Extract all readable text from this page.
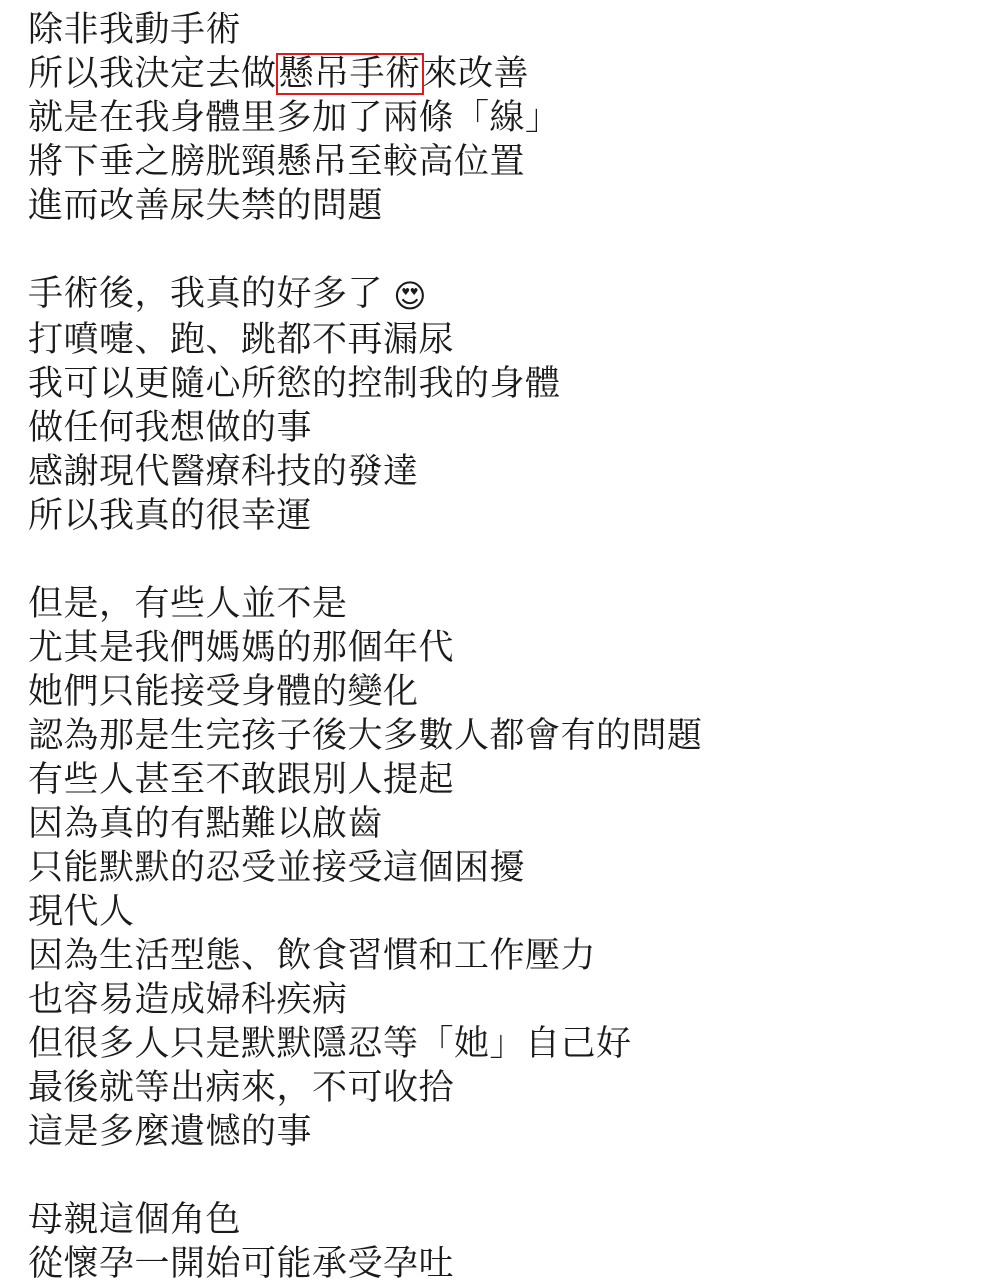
除非我動手術
所以我決定去做懸吊手術來改善
就是在我身體里多加了兩條「線」
將下垂之膀胱頸懸吊至較高位置
進而改善尿失禁的問題
手術後，我真的好多了 😍
打噴嚏、跑、跳都不再漏尿
我可以更隨心所慾的控制我的身體
做任何我想做的事
感謝現代醫療科技的發達
所以我真的很幸運
但是，有些人並不是
尤其是我們媽媽的那個年代
她們只能接受身體的變化
認為那是生完孩子後大多數人都會有的問題
有些人甚至不敢跟別人提起
因為真的有點難以啟齒
只能默默的忍受並接受這個困擾
現代人
因為生活型態、飲食習慣和工作壓力
也容易造成婦科疾病
但很多人只是默默隱忍等「她」自己好
最後就等出病來，不可收拾
這是多麼遺憾的事
母親這個角色
從懷孕一開始可能承受孕吐
